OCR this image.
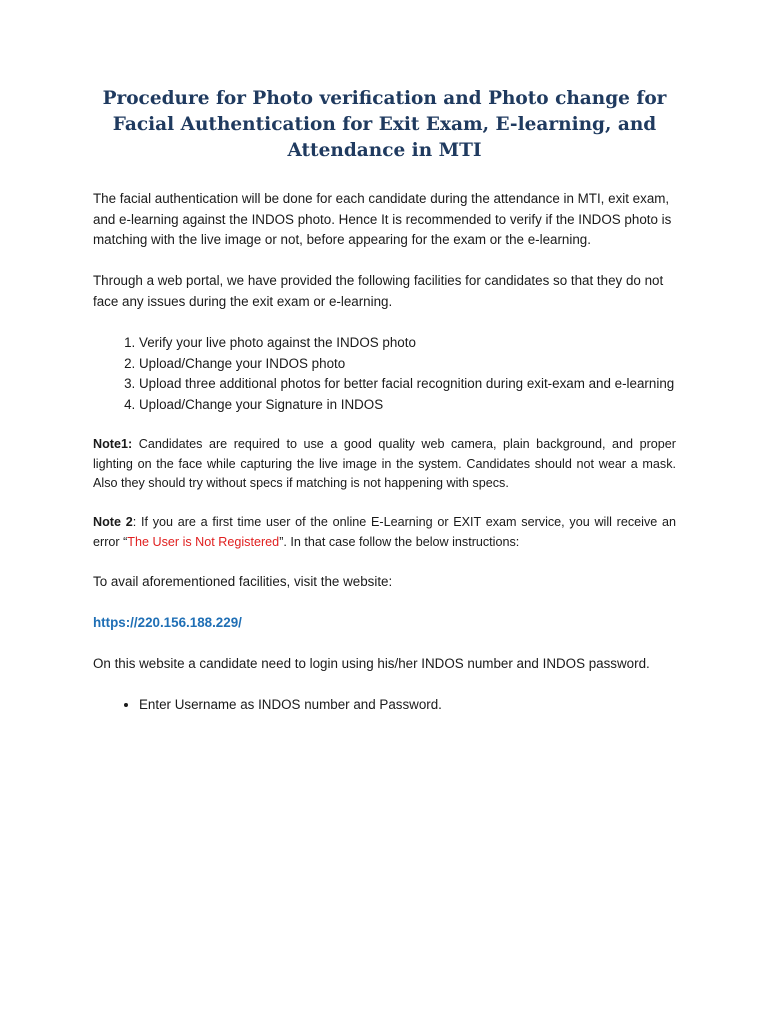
Procedure for Photo verification and Photo change for Facial Authentication for Exit Exam, E-learning, and Attendance in MTI

The facial authentication will be done for each candidate during the attendance in MTI, exit exam, and e-learning against the INDOS photo. Hence It is recommended to verify if the INDOS photo is matching with the live image or not, before appearing for the exam or the e-learning.

Through a web portal, we have provided the following facilities for candidates so that they do not face any issues during the exit exam or e-learning.

1. Verify your live photo against the INDOS photo
2. Upload/Change your INDOS photo
3. Upload three additional photos for better facial recognition during exit-exam and e-learning
4. Upload/Change your Signature in INDOS

Note1: Candidates are required to use a good quality web camera, plain background, and proper lighting on the face while capturing the live image in the system. Candidates should not wear a mask. Also they should try without specs if matching is not happening with specs.

Note 2: If you are a first time user of the online E-Learning or EXIT exam service, you will receive an error “The User is Not Registered”. In that case follow the below instructions:

To avail aforementioned facilities, visit the website:

https://220.156.188.229/

On this website a candidate need to login using his/her INDOS number and INDOS password.

• Enter Username as INDOS number and Password.
